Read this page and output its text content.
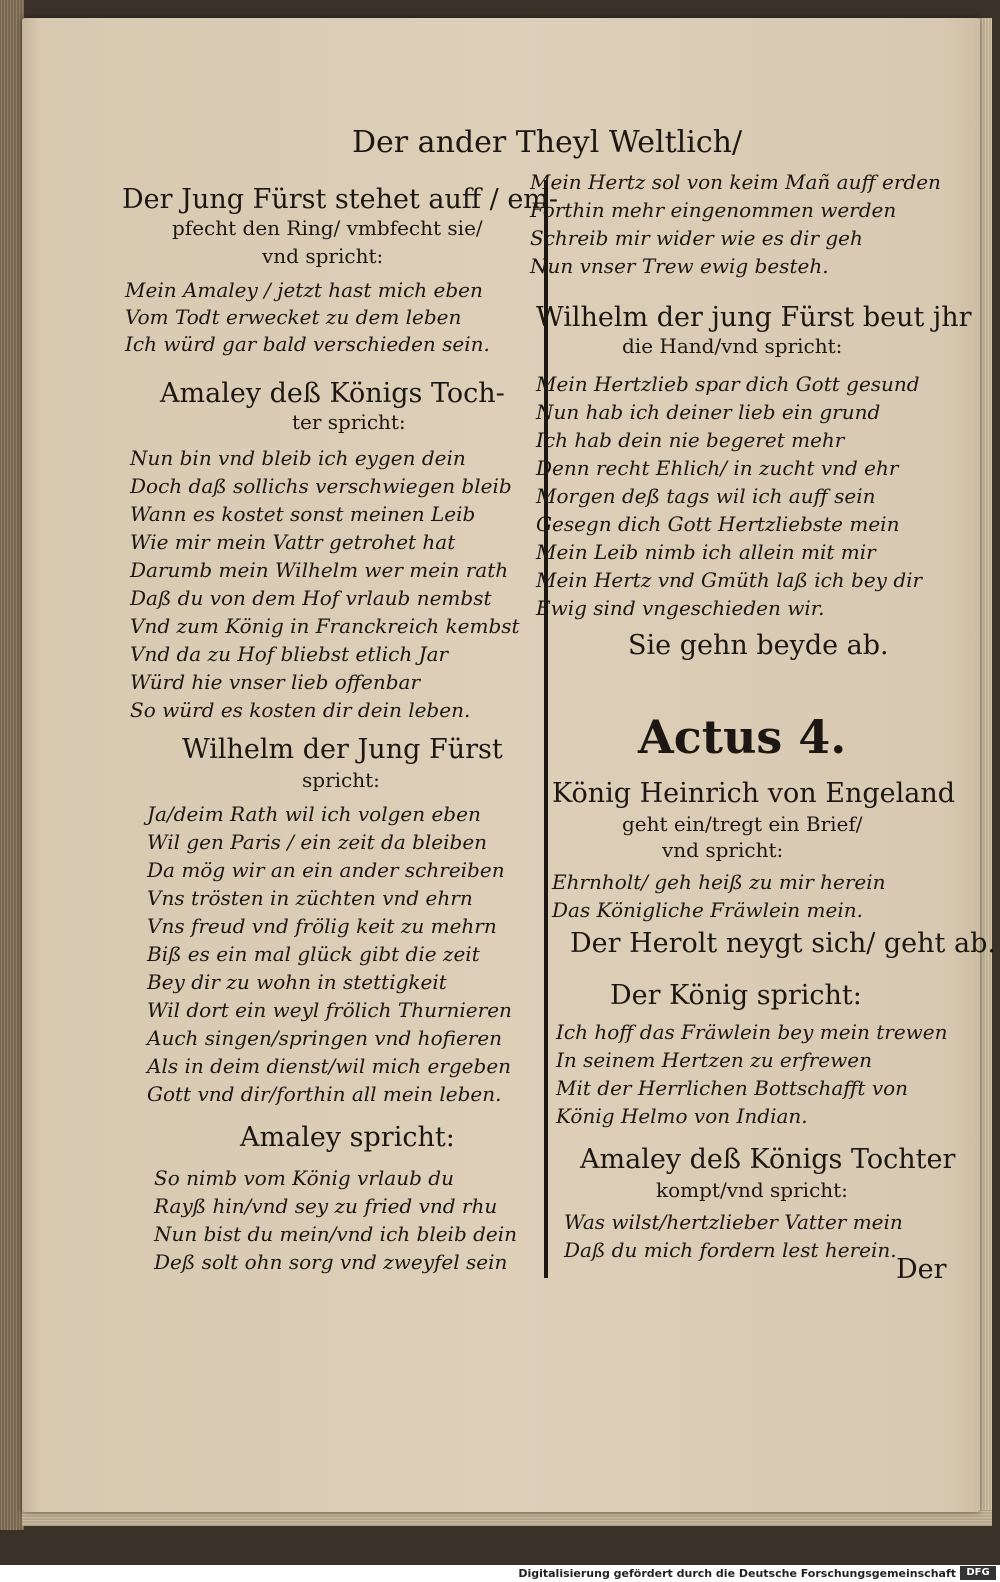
Der ander Theyl Weltlich/
Der Jung Fürst stehet auff / em-
pfecht den Ring/ vmbfecht sie/
vnd spricht:
Mein Amaley / jetzt hast mich eben
Vom Todt erwecket zu dem leben
Ich würd gar bald verschieden sein.
Amaley deß Königs Toch-
ter spricht:
Nun bin vnd bleib ich eygen dein
Doch daß sollichs verschwiegen bleib
Wann es kostet sonst meinen Leib
Wie mir mein Vattr getrohet hat
Darumb mein Wilhelm wer mein rath
Daß du von dem Hof vrlaub nembst
Vnd zum König in Franckreich kembst
Vnd da zu Hof bliebst etlich Jar
Würd hie vnser lieb offenbar
So würd es kosten dir dein leben.
Wilhelm der Jung Fürst
spricht:
Ja/deim Rath wil ich volgen eben
Wil gen Paris / ein zeit da bleiben
Da mög wir an ein ander schreiben
Vns trösten in züchten vnd ehrn
Vns freud vnd frölig keit zu mehrn
Biß es ein mal glück gibt die zeit
Bey dir zu wohn in stettigkeit
Wil dort ein weyl frölich Thurnieren
Auch singen/springen vnd hofieren
Als in deim dienst/wil mich ergeben
Gott vnd dir/forthin all mein leben.
Amaley spricht:
So nimb vom König vrlaub du
Rayß hin/vnd sey zu fried vnd rhu
Nun bist du mein/vnd ich bleib dein
Deß solt ohn sorg vnd zweyfel sein
Mein Hertz sol von keim Mañ auff erden
Forthin mehr eingenommen werden
Schreib mir wider wie es dir geh
Nun vnser Trew ewig besteh.
Wilhelm der jung Fürst beut jhr
die Hand/vnd spricht:
Mein Hertzlieb spar dich Gott gesund
Nun hab ich deiner lieb ein grund
Ich hab dein nie begeret mehr
Denn recht Ehlich/ in zucht vnd ehr
Morgen deß tags wil ich auff sein
Gesegn dich Gott Hertzliebste mein
Mein Leib nimb ich allein mit mir
Mein Hertz vnd Gmüth laß ich bey dir
Ewig sind vngeschieden wir.
Sie gehn beyde ab.
Actus 4.
König Heinrich von Engeland
geht ein/tregt ein Brief/
vnd spricht:
Ehrnholt/ geh heiß zu mir herein
Das Königliche Fräwlein mein.
Der Herolt neygt sich/ geht ab.
Der König spricht:
Ich hoff das Fräwlein bey mein trewen
In seinem Hertzen zu erfrewen
Mit der Herrlichen Bottschafft von
König Helmo von Indian.
Amaley deß Königs Tochter
kompt/vnd spricht:
Was wilst/hertzlieber Vatter mein
Daß du mich fordern lest herein.
Der
Digitalisierung gefördert durch die Deutsche Forschungsgemeinschaft	DFG
